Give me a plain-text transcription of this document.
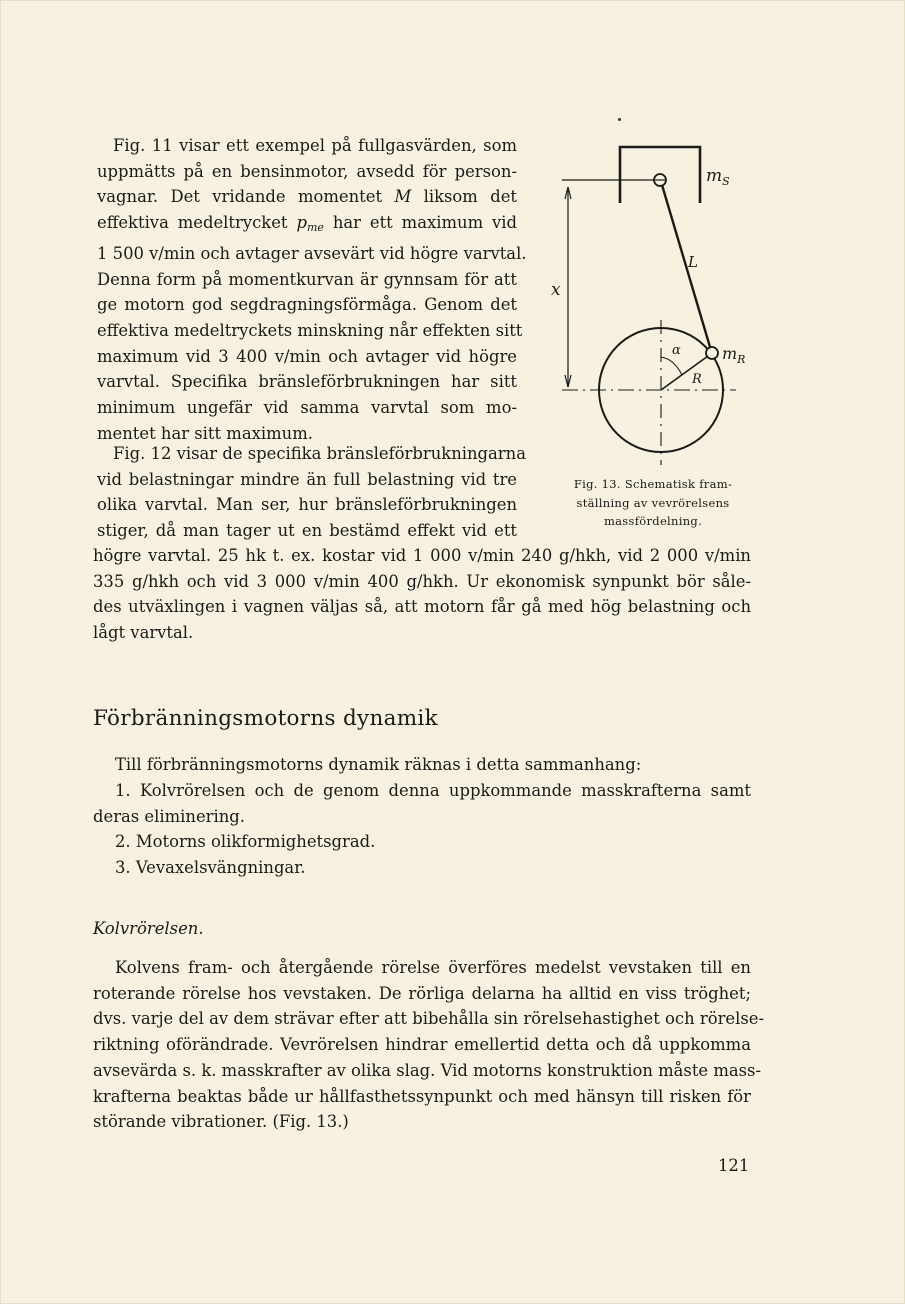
Fig. 11 visar ett exempel på fullgasvärden, som
uppmätts på en bensinmotor, avsedd för person-
vagnar. Det vridande momentet M liksom det
effektiva medeltrycket $p_{me}$ har ett maximum vid
1 500 v/min och avtager avsevärt vid högre varvtal.
Denna form på momentkurvan är gynnsam för att
ge motorn god segdragningsförmåga. Genom det
effektiva medeltryckets minskning når effekten sitt
maximum vid 3 400 v/min och avtager vid högre
varvtal. Specifika bränsleförbrukningen har sitt
minimum ungefär vid samma varvtal som mo-
mentet har sitt maximum.
Fig. 12 visar de specifika bränsleförbrukningarna
vid belastningar mindre än full belastning vid tre
olika varvtal. Man ser, hur bränsleförbrukningen
stiger, då man tager ut en bestämd effekt vid ett
högre varvtal. 25 hk t. ex. kostar vid 1 000 v/min 240 g/hkh, vid 2 000 v/min
335 g/hkh och vid 3 000 v/min 400 g/hkh. Ur ekonomisk synpunkt bör såle-
des utväxlingen i vagnen väljas så, att motorn får gå med hög belastning och
lågt varvtal.
$m_S$
L
x
α
R
$m_R$
Fig. 13. Schematisk fram-
ställning av vevrörelsens
massfördelning.
Förbränningsmotorns dynamik
Till förbränningsmotorns dynamik räknas i detta sammanhang:
1. Kolvrörelsen och de genom denna uppkommande masskrafterna samt
deras eliminering.
2. Motorns olikformighetsgrad.
3. Vevaxelsvängningar.
Kolvrörelsen.
Kolvens fram- och återgående rörelse överföres medelst vevstaken till en
roterande rörelse hos vevstaken. De rörliga delarna ha alltid en viss tröghet;
dvs. varje del av dem strävar efter att bibehålla sin rörelsehastighet och rörelse-
riktning oförändrade. Vevrörelsen hindrar emellertid detta och då uppkomma
avsevärda s. k. masskrafter av olika slag. Vid motorns konstruktion måste mass-
krafterna beaktas både ur hållfasthetssynpunkt och med hänsyn till risken för
störande vibrationer. (Fig. 13.)
121
